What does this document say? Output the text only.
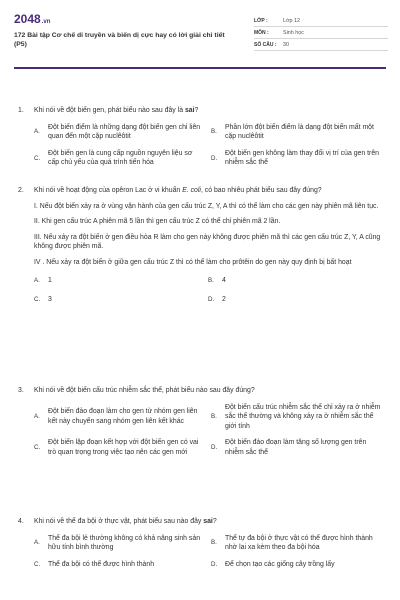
2048.vn
172 Bài tập Cơ chế di truyền và biến dị cực hay có lời giải chi tiết (P5)
LỚP :	Lớp 12
MÔN :	Sinh học
SỐ CÂU :	30
1.	Khi nói về đột biến gen, phát biểu nào sau đây là sai?
A.
Đột biến điểm là những dạng đột biến gen chỉ liên quan đến một cặp nuclêôtit
B.
Phần lớn đột biến điểm là dạng đột biến mất một cặp nuclêôtit
C.
Đột biến gen là cung cấp nguồn nguyên liệu sơ cấp chủ yếu của quá trình tiến hóa
D.
Đột biến gen không làm thay đổi vị trí của gen trên nhiễm sắc thể
2.	Khi nói về hoạt động của opêron Lac ở vi khuẩn E. coli, có bao nhiêu phát biểu sau đây đúng?
I. Nếu đột biến xảy ra ở vùng vận hành của gen cấu trúc Z, Y, A thì có thể làm cho các gen này phiên mã liên tục.
II. Khi gen cấu trúc A phiên mã 5 lần thì gen cấu trúc Z có thể chỉ phiên mã 2 lần.
III. Nếu xảy ra đột biến ở gen điều hòa R làm cho gen này không được phiên mã thì các gen cấu trúc Z, Y, A cũng không được phiên mã.
IV . Nếu xảy ra đột biến ở giữa gen cấu trúc Z thì có thể làm cho prôtêin do gen này quy định bị bất hoạt
A.	1	B.	4
C.	3	D.	2
3.	Khi nói về đột biến cấu trúc nhiễm sắc thể, phát biểu nào sau đây đúng?
A.
Đột biến đảo đoạn làm cho gen từ nhóm gen liên kết này chuyển sang nhóm gen liên kết khác
B.
Đột biến cấu trúc nhiễm sắc thể chỉ xảy ra ở nhiễm sắc thể thường và không xảy ra ở nhiễm sắc thể giới tính
C.
Đột biến lặp đoạn kết hợp với đột biến gen có vai trò quan trọng trong việc tạo nên các gen mới
D.
Đột biến đảo đoạn làm tăng số lượng gen trên nhiễm sắc thể
4.	Khi nói về thể đa bội ở thực vật, phát biểu sau nào đây sai?
A.
Thể đa bội lẻ thường không có khả năng sinh sản hữu tính bình thường
B.
Thể tự đa bội ở thực vật có thể được hình thành nhờ lai xa kèm theo đa bội hóa
C.	Thể đa bội có thể được hình thành	D.	Để chọn tạo các giống cây trồng lấy
